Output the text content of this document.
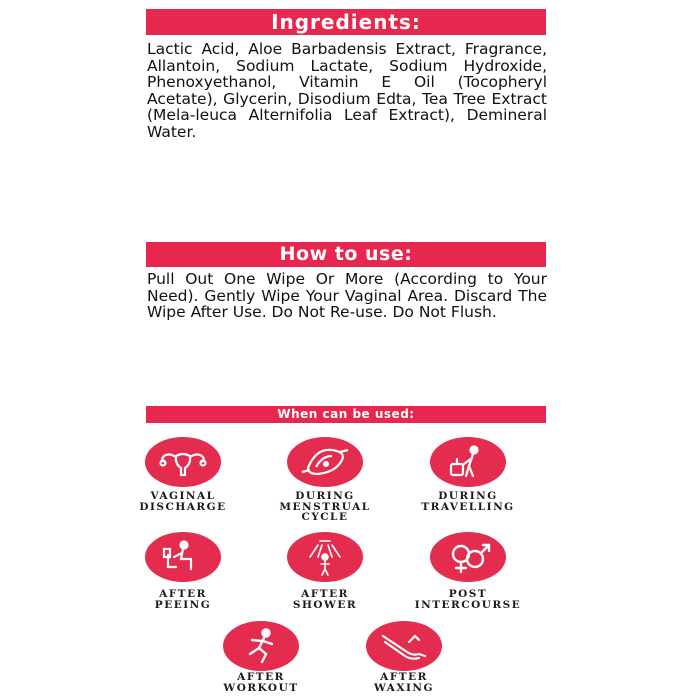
Ingredients:
Lactic Acid, Aloe Barbadensis Extract, Fragrance, Allantoin, Sodium Lactate, Sodium Hydroxide, Phenoxyethanol, Vitamin E Oil (Tocopheryl Acetate), Glycerin, Disodium Edta, Tea Tree Extract (Mela-leuca Alternifolia Leaf Extract), Demineral Water.
How to use:
Pull Out One Wipe Or More (According to Your Need). Gently Wipe Your Vaginal Area. Discard The Wipe After Use. Do Not Re-use. Do Not Flush.
When can be used:
VAGINAL
DISCHARGE
DURING
MENSTRUAL
CYCLE
DURING
TRAVELLING
AFTER
PEEING
AFTER
SHOWER
POST
INTERCOURSE
AFTER
WORKOUT
AFTER
WAXING
